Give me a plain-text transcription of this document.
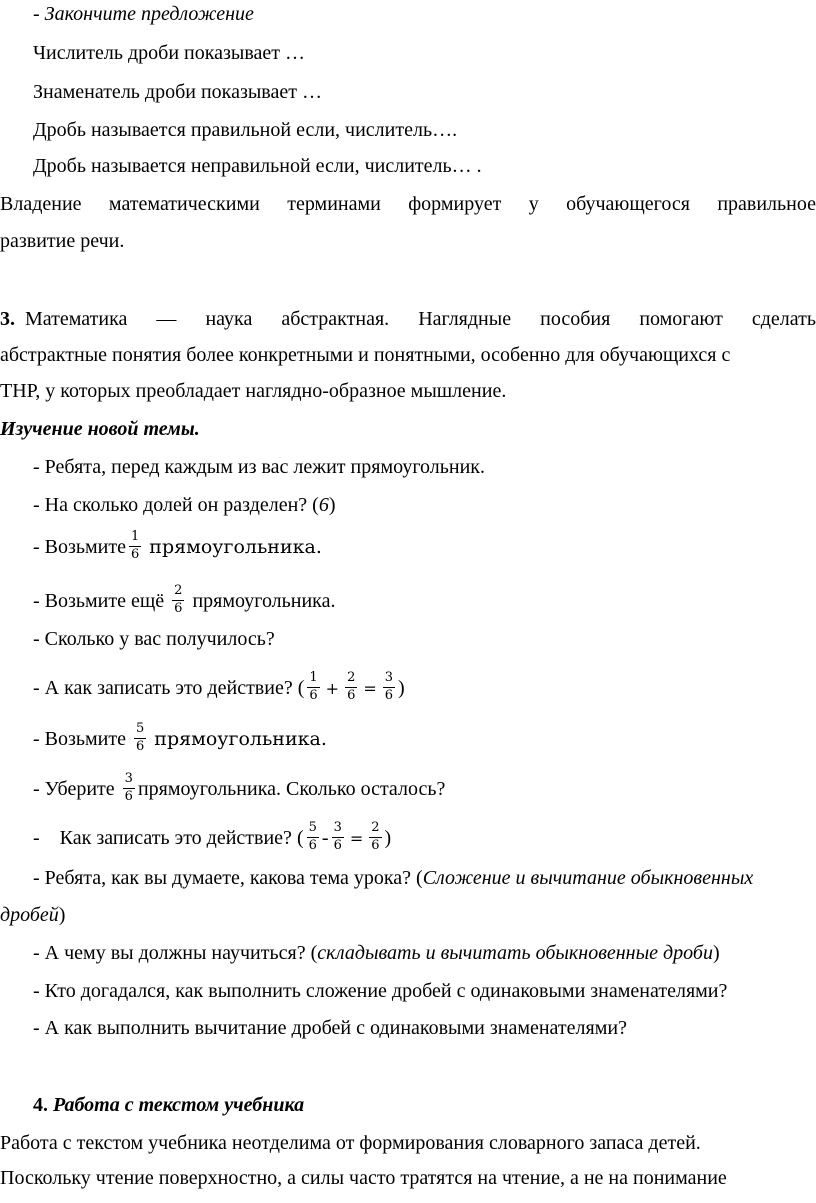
- Закончите предложение
Числитель дроби показывает …
Знаменатель дроби показывает …
Дробь называется правильной если, числитель….
Дробь называется неправильной если, числитель… .
Владение математическими терминами формирует у обучающегося правильное
развитие речи.
3. Математика — наука абстрактная. Наглядные пособия помогают сделать
абстрактные понятия более конкретными и понятными, особенно для обучающихся с
ТНР, у которых преобладает наглядно-образное мышление.
Изучение новой темы.
- Ребята, перед каждым из вас лежит прямоугольник.
- На сколько долей он разделен? (6)
- Возьмите $\frac{1}{6}$ прямоугольника.
- Возьмите ещё $\frac{2}{6}$ прямоугольника.
- Сколько у вас получилось?
- А как записать это действие? ( $\frac{1}{6} + \frac{2}{6} = \frac{3}{6}$ )
- Возьмите $\frac{5}{6}$ прямоугольника.
- Уберите $\frac{3}{6}$ прямоугольника. Сколько осталось?
- Как записать это действие? ( $\frac{5}{6} - \frac{3}{6} = \frac{2}{6}$ )
- Ребята, как вы думаете, какова тема урока? (Сложение и вычитание обыкновенных
дробей)
- А чему вы должны научиться? (складывать и вычитать обыкновенные дроби)
- Кто догадался, как выполнить сложение дробей с одинаковыми знаменателями?
- А как выполнить вычитание дробей с одинаковыми знаменателями?
4. Работа с текстом учебника
Работа с текстом учебника неотделима от формирования словарного запаса детей.
Поскольку чтение поверхностно, а силы часто тратятся на чтение, а не на понимание
